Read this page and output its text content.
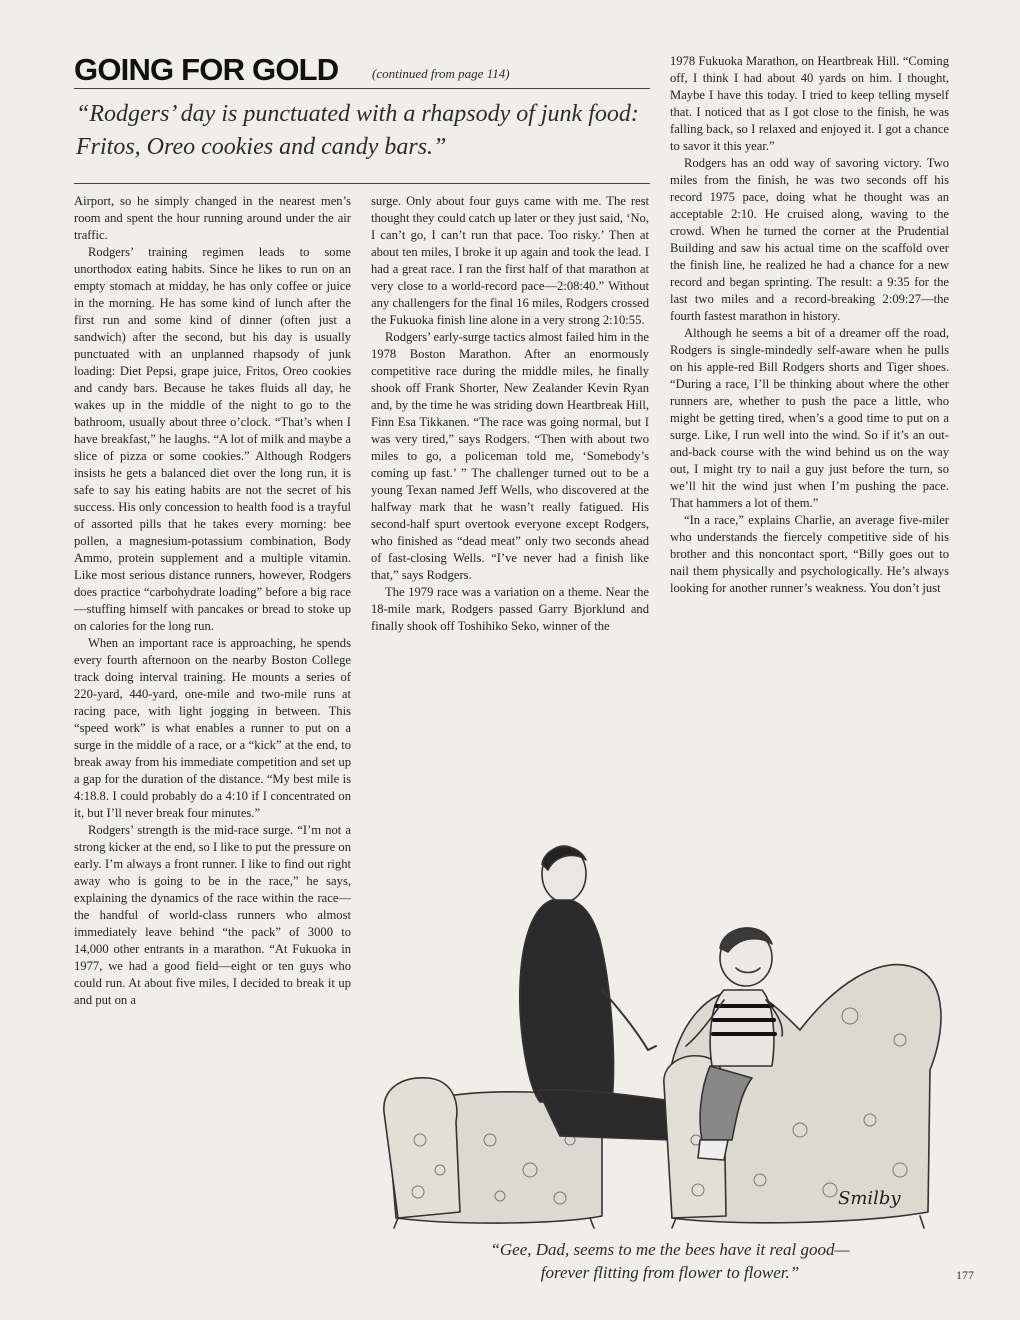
GOING FOR GOLD	(continued from page 114)
“Rodgers’ day is punctuated with a rhapsody of junk food: Fritos, Oreo cookies and candy bars.”

Airport, so he simply changed in the nearest men’s room and spent the hour running around under the air traffic.

Rodgers’ training regimen leads to some unorthodox eating habits. Since he likes to run on an empty stomach at midday, he has only coffee or juice in the morning. He has some kind of lunch after the first run and some kind of dinner (often just a sandwich) after the second, but his day is usually punctuated with an unplanned rhapsody of junk loading: Diet Pepsi, grape juice, Fritos, Oreo cookies and candy bars. Because he takes fluids all day, he wakes up in the middle of the night to go to the bathroom, usually about three o’clock. “That’s when I have breakfast,” he laughs. “A lot of milk and maybe a slice of pizza or some cookies.” Although Rodgers insists he gets a balanced diet over the long run, it is safe to say his eating habits are not the secret of his success. His only concession to health food is a trayful of assorted pills that he takes every morning: bee pollen, a magnesium-potassium combination, Body Ammo, protein supplement and a multiple vitamin. Like most serious distance runners, however, Rodgers does practice “carbohydrate loading” before a big race—stuffing himself with pancakes or bread to stoke up on calories for the long run.

When an important race is approaching, he spends every fourth afternoon on the nearby Boston College track doing interval training. He mounts a series of 220-yard, 440-yard, one-mile and two-mile runs at racing pace, with light jogging in between. This “speed work” is what enables a runner to put on a surge in the middle of a race, or a “kick” at the end, to break away from his immediate competition and set up a gap for the duration of the distance. “My best mile is 4:18.8. I could probably do a 4:10 if I concentrated on it, but I’ll never break four minutes.”

Rodgers’ strength is the mid-race surge. “I’m not a strong kicker at the end, so I like to put the pressure on early. I’m always a front runner. I like to find out right away who is going to be in the race,” he says, explaining the dynamics of the race within the race—the handful of world-class runners who almost immediately leave behind “the pack” of 3000 to 14,000 other entrants in a marathon. “At Fukuoka in 1977, we had a good field—eight or ten guys who could run. At about five miles, I decided to break it up and put on a

surge. Only about four guys came with me. The rest thought they could catch up later or they just said, ‘No, I can’t go, I can’t run that pace. Too risky.’ Then at about ten miles, I broke it up again and took the lead. I had a great race. I ran the first half of that marathon at very close to a world-record pace—2:08:40.” Without any challengers for the final 16 miles, Rodgers crossed the Fukuoka finish line alone in a very strong 2:10:55.

Rodgers’ early-surge tactics almost failed him in the 1978 Boston Marathon. After an enormously competitive race during the middle miles, he finally shook off Frank Shorter, New Zealander Kevin Ryan and, by the time he was striding down Heartbreak Hill, Finn Esa Tikkanen. “The race was going normal, but I was very tired,” says Rodgers. “Then with about two miles to go, a policeman told me, ‘Somebody’s coming up fast.’ ” The challenger turned out to be a young Texan named Jeff Wells, who discovered at the halfway mark that he wasn’t really fatigued. His second-half spurt overtook everyone except Rodgers, who finished as “dead meat” only two seconds ahead of fast-closing Wells. “I’ve never had a finish like that,” says Rodgers.

The 1979 race was a variation on a theme. Near the 18-mile mark, Rodgers passed Garry Bjorklund and finally shook off Toshihiko Seko, winner of the

1978 Fukuoka Marathon, on Heartbreak Hill. “Coming off, I think I had about 40 yards on him. I thought, Maybe I have this today. I tried to keep telling myself that. I noticed that as I got close to the finish, he was falling back, so I relaxed and enjoyed it. I got a chance to savor it this year.”

Rodgers has an odd way of savoring victory. Two miles from the finish, he was two seconds off his record 1975 pace, doing what he thought was an acceptable 2:10. He cruised along, waving to the crowd. When he turned the corner at the Prudential Building and saw his actual time on the scaffold over the finish line, he realized he had a chance for a new record and began sprinting. The result: a 9:35 for the last two miles and a record-breaking 2:09:27—the fourth fastest marathon in history.

Although he seems a bit of a dreamer off the road, Rodgers is single-mindedly self-aware when he pulls on his apple-red Bill Rodgers shorts and Tiger shoes. “During a race, I’ll be thinking about where the other runners are, whether to push the pace a little, who might be getting tired, when’s a good time to put on a surge. Like, I run well into the wind. So if it’s an out-and-back course with the wind behind us on the way out, I might try to nail a guy just before the turn, so we’ll hit the wind just when I’m pushing the pace. That hammers a lot of them.”

“In a race,” explains Charlie, an average five-miler who understands the fiercely competitive side of his brother and this noncontact sport, “Billy goes out to nail them physically and psychologically. He’s always looking for another runner’s weakness. You don’t just

Smilby
“Gee, Dad, seems to me the bees have it real good—
forever flitting from flower to flower.”	177
